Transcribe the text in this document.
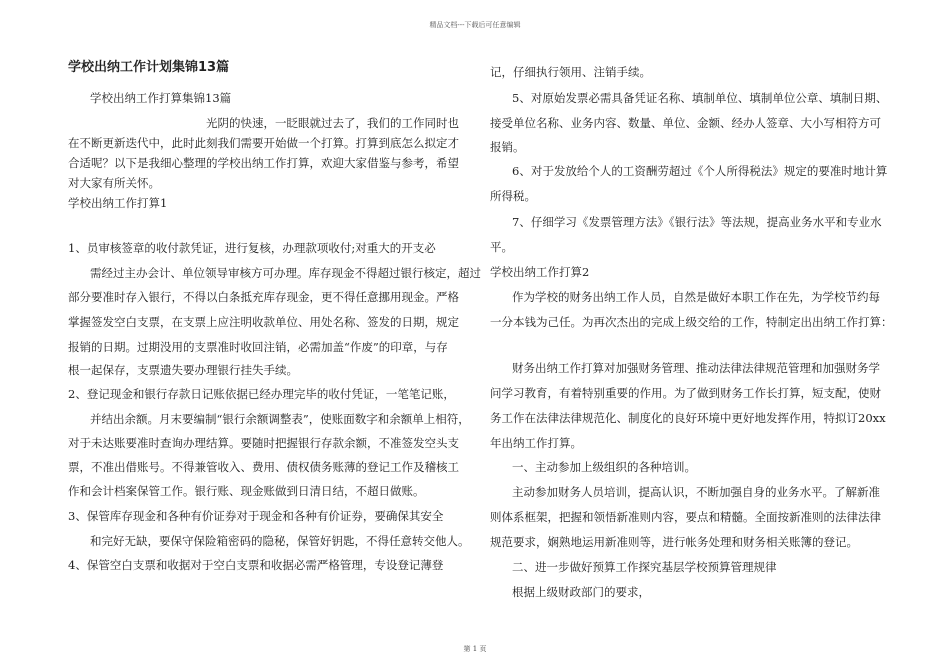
精品文档---下载后可任意编辑
学校出纳工作计划集锦13篇
学校出纳工作打算集锦13篇
光阴的快速，一眨眼就过去了，我们的工作同时也
在不断更新迭代中，此时此刻我们需要开始做一个打算。打算到底怎么拟定才
合适呢？以下是我细心整理的学校出纳工作打算，欢迎大家借鉴与参考，希望
对大家有所关怀。
学校出纳工作打算1
1、员审核签章的收付款凭证，进行复核，办理款项收付;对重大的开支必
需经过主办会计、单位领导审核方可办理。库存现金不得超过银行核定，超过
部分要准时存入银行，不得以白条抵充库存现金，更不得任意挪用现金。严格
掌握签发空白支票，在支票上应注明收款单位、用处名称、签发的日期，规定
报销的日期。过期没用的支票准时收回注销，必需加盖“作废”的印章，与存
根一起保存，支票遗失要办理银行挂失手续。
2、登记现金和银行存款日记账依据已经办理完毕的收付凭证，一笔笔记账，
并结出余额。月末要编制“银行余额调整表”，使账面数字和余额单上相符，
对于未达账要准时查询办理结算。要随时把握银行存款余额，不准签发空头支
票，不准出借账号。不得兼管收入、费用、债权债务账薄的登记工作及稽核工
作和会计档案保管工作。银行账、现金账做到日清日结，不超日做账。
3、保管库存现金和各种有价证券对于现金和各种有价证券，要确保其安全
和完好无缺，要保守保险箱密码的隐秘，保管好钥匙，不得任意转交他人。
4、保管空白支票和收据对于空白支票和收据必需严格管理，专设登记薄登
记，仔细执行领用、注销手续。
5、对原始发票必需具备凭证名称、填制单位、填制单位公章、填制日期、
接受单位名称、业务内容、数量、单位、金额、经办人签章、大小写相符方可
报销。
6、对于发放给个人的工资酬劳超过《个人所得税法》规定的要准时地计算
所得税。
7、仔细学习《发票管理方法》《银行法》等法规，提高业务水平和专业水
平。
学校出纳工作打算2
作为学校的财务出纳工作人员，自然是做好本职工作在先，为学校节约每
一分本钱为己任。为再次杰出的完成上级交给的工作，特制定出出纳工作打算：
财务出纳工作打算对加强财务管理、推动法律法律规范管理和加强财务学
问学习教育，有着特别重要的作用。为了做到财务工作长打算，短支配，使财
务工作在法律法律规范化、制度化的良好环境中更好地发挥作用，特拟订20xx
年出纳工作打算。
一、主动参加上级组织的各种培训。
主动参加财务人员培训，提高认识，不断加强自身的业务水平。了解新准
则体系框架，把握和领悟新准则内容，要点和精髓。全面按新准则的法律法律
规范要求，娴熟地运用新准则等，进行帐务处理和财务相关账簿的登记。
二、进一步做好预算工作探究基层学校预算管理规律
根据上级财政部门的要求，
第 1 页
